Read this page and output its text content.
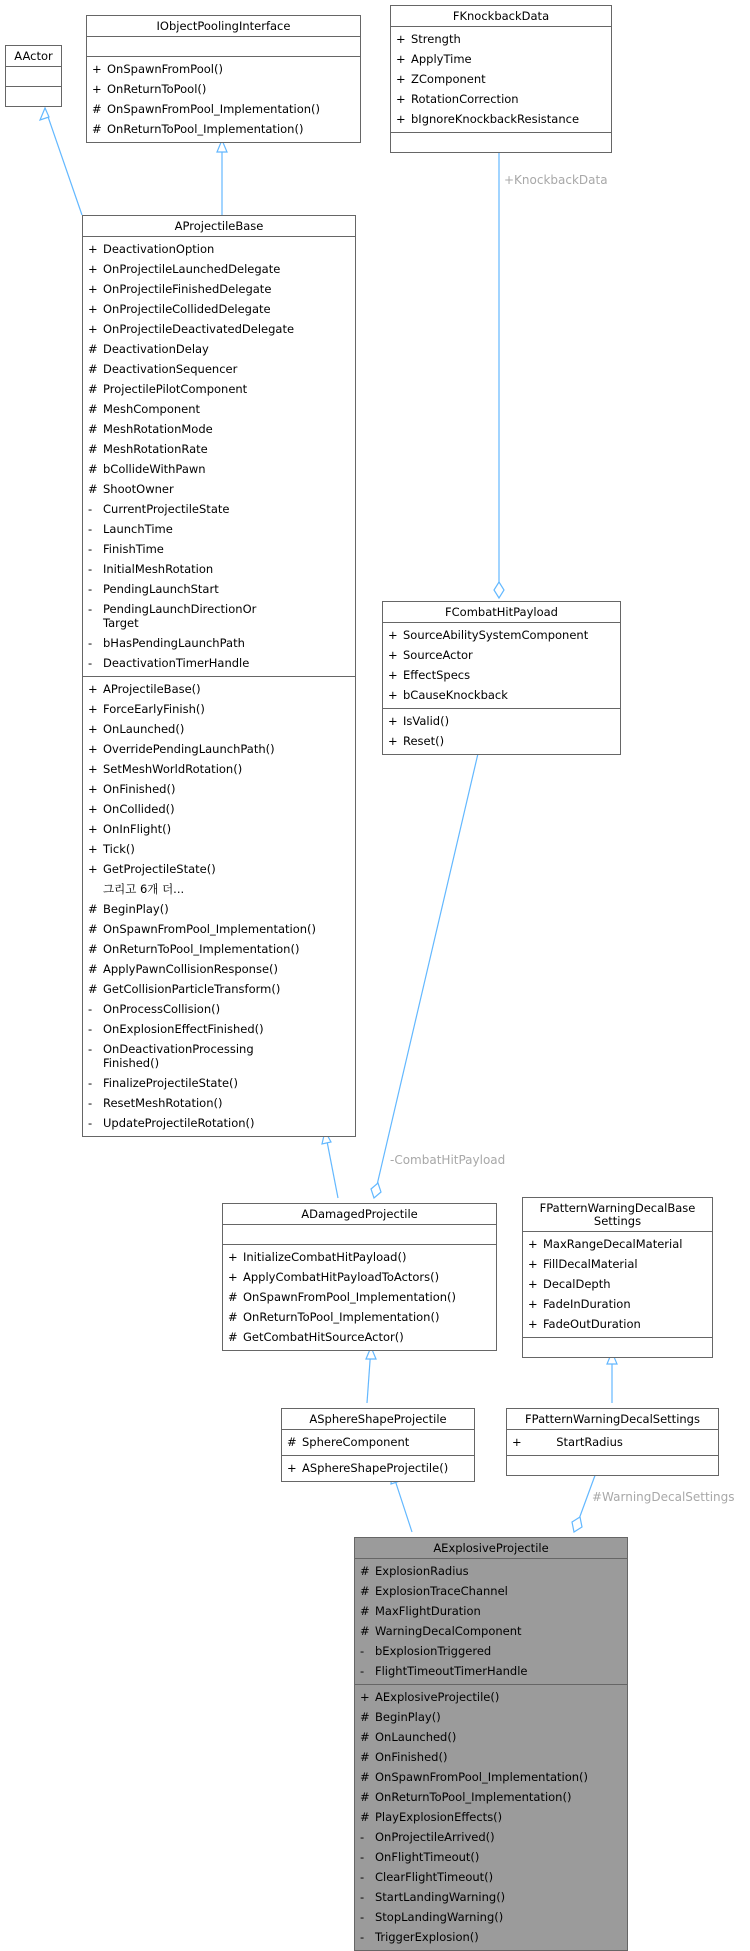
+KnockbackData
-CombatHitPayload
#WarningDecalSettings
AActor
IObjectPoolingInterface
+ OnSpawnFromPool()
+ OnReturnToPool()
# OnSpawnFromPool_Implementation()
# OnReturnToPool_Implementation()
FKnockbackData
+ Strength
+ ApplyTime
+ ZComponent
+ RotationCorrection
+ bIgnoreKnockbackResistance
AProjectileBase
+ DeactivationOption
+ OnProjectileLaunchedDelegate
+ OnProjectileFinishedDelegate
+ OnProjectileCollidedDelegate
+ OnProjectileDeactivatedDelegate
# DeactivationDelay
# DeactivationSequencer
# ProjectilePilotComponent
# MeshComponent
# MeshRotationMode
# MeshRotationRate
# bCollideWithPawn
# ShootOwner
- CurrentProjectileState
- LaunchTime
- FinishTime
- InitialMeshRotation
- PendingLaunchStart
- PendingLaunchDirectionOr
Target
- bHasPendingLaunchPath
- DeactivationTimerHandle
+ AProjectileBase()
+ ForceEarlyFinish()
+ OnLaunched()
+ OverridePendingLaunchPath()
+ SetMeshWorldRotation()
+ OnFinished()
+ OnCollided()
+ OnInFlight()
+ Tick()
+ GetProjectileState()
그리고 6개 더...
# BeginPlay()
# OnSpawnFromPool_Implementation()
# OnReturnToPool_Implementation()
# ApplyPawnCollisionResponse()
# GetCollisionParticleTransform()
- OnProcessCollision()
- OnExplosionEffectFinished()
- OnDeactivationProcessing
Finished()
- FinalizeProjectileState()
- ResetMeshRotation()
- UpdateProjectileRotation()
FCombatHitPayload
+ SourceAbilitySystemComponent
+ SourceActor
+ EffectSpecs
+ bCauseKnockback
+ IsValid()
+ Reset()
ADamagedProjectile
+ InitializeCombatHitPayload()
+ ApplyCombatHitPayloadToActors()
# OnSpawnFromPool_Implementation()
# OnReturnToPool_Implementation()
# GetCombatHitSourceActor()
FPatternWarningDecalBase
Settings
+ MaxRangeDecalMaterial
+ FillDecalMaterial
+ DecalDepth
+ FadeInDuration
+ FadeOutDuration
ASphereShapeProjectile
# SphereComponent
+ ASphereShapeProjectile()
FPatternWarningDecalSettings
+ StartRadius
AExplosiveProjectile
# ExplosionRadius
# ExplosionTraceChannel
# MaxFlightDuration
# WarningDecalComponent
- bExplosionTriggered
- FlightTimeoutTimerHandle
+ AExplosiveProjectile()
# BeginPlay()
# OnLaunched()
# OnFinished()
# OnSpawnFromPool_Implementation()
# OnReturnToPool_Implementation()
# PlayExplosionEffects()
- OnProjectileArrived()
- OnFlightTimeout()
- ClearFlightTimeout()
- StartLandingWarning()
- StopLandingWarning()
- TriggerExplosion()
